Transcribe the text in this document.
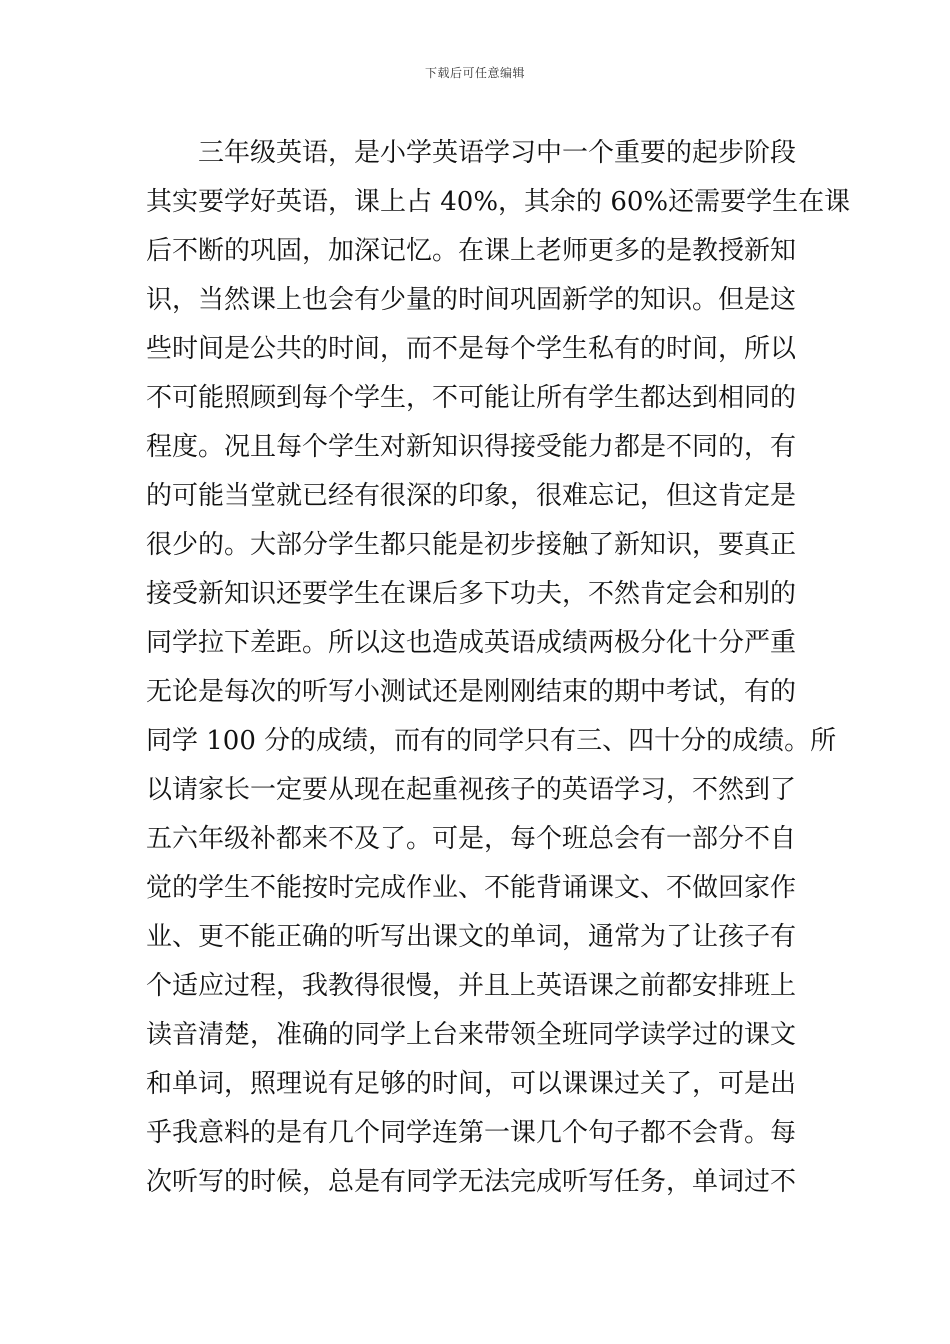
下载后可任意编辑
三年级英语，是小学英语学习中一个重要的起步阶段
其实要学好英语，课上占 40%，其余的 60%还需要学生在课
后不断的巩固，加深记忆。在课上老师更多的是教授新知
识，当然课上也会有少量的时间巩固新学的知识。但是这
些时间是公共的时间，而不是每个学生私有的时间，所以
不可能照顾到每个学生，不可能让所有学生都达到相同的
程度。况且每个学生对新知识得接受能力都是不同的，有
的可能当堂就已经有很深的印象，很难忘记，但这肯定是
很少的。大部分学生都只能是初步接触了新知识，要真正
接受新知识还要学生在课后多下功夫，不然肯定会和别的
同学拉下差距。所以这也造成英语成绩两极分化十分严重
无论是每次的听写小测试还是刚刚结束的期中考试，有的
同学 100 分的成绩，而有的同学只有三、四十分的成绩。所
以请家长一定要从现在起重视孩子的英语学习，不然到了
五六年级补都来不及了。可是，每个班总会有一部分不自
觉的学生不能按时完成作业、不能背诵课文、不做回家作
业、更不能正确的听写出课文的单词，通常为了让孩子有
个适应过程，我教得很慢，并且上英语课之前都安排班上
读音清楚，准确的同学上台来带领全班同学读学过的课文
和单词，照理说有足够的时间，可以课课过关了，可是出
乎我意料的是有几个同学连第一课几个句子都不会背。每
次听写的时候，总是有同学无法完成听写任务，单词过不
